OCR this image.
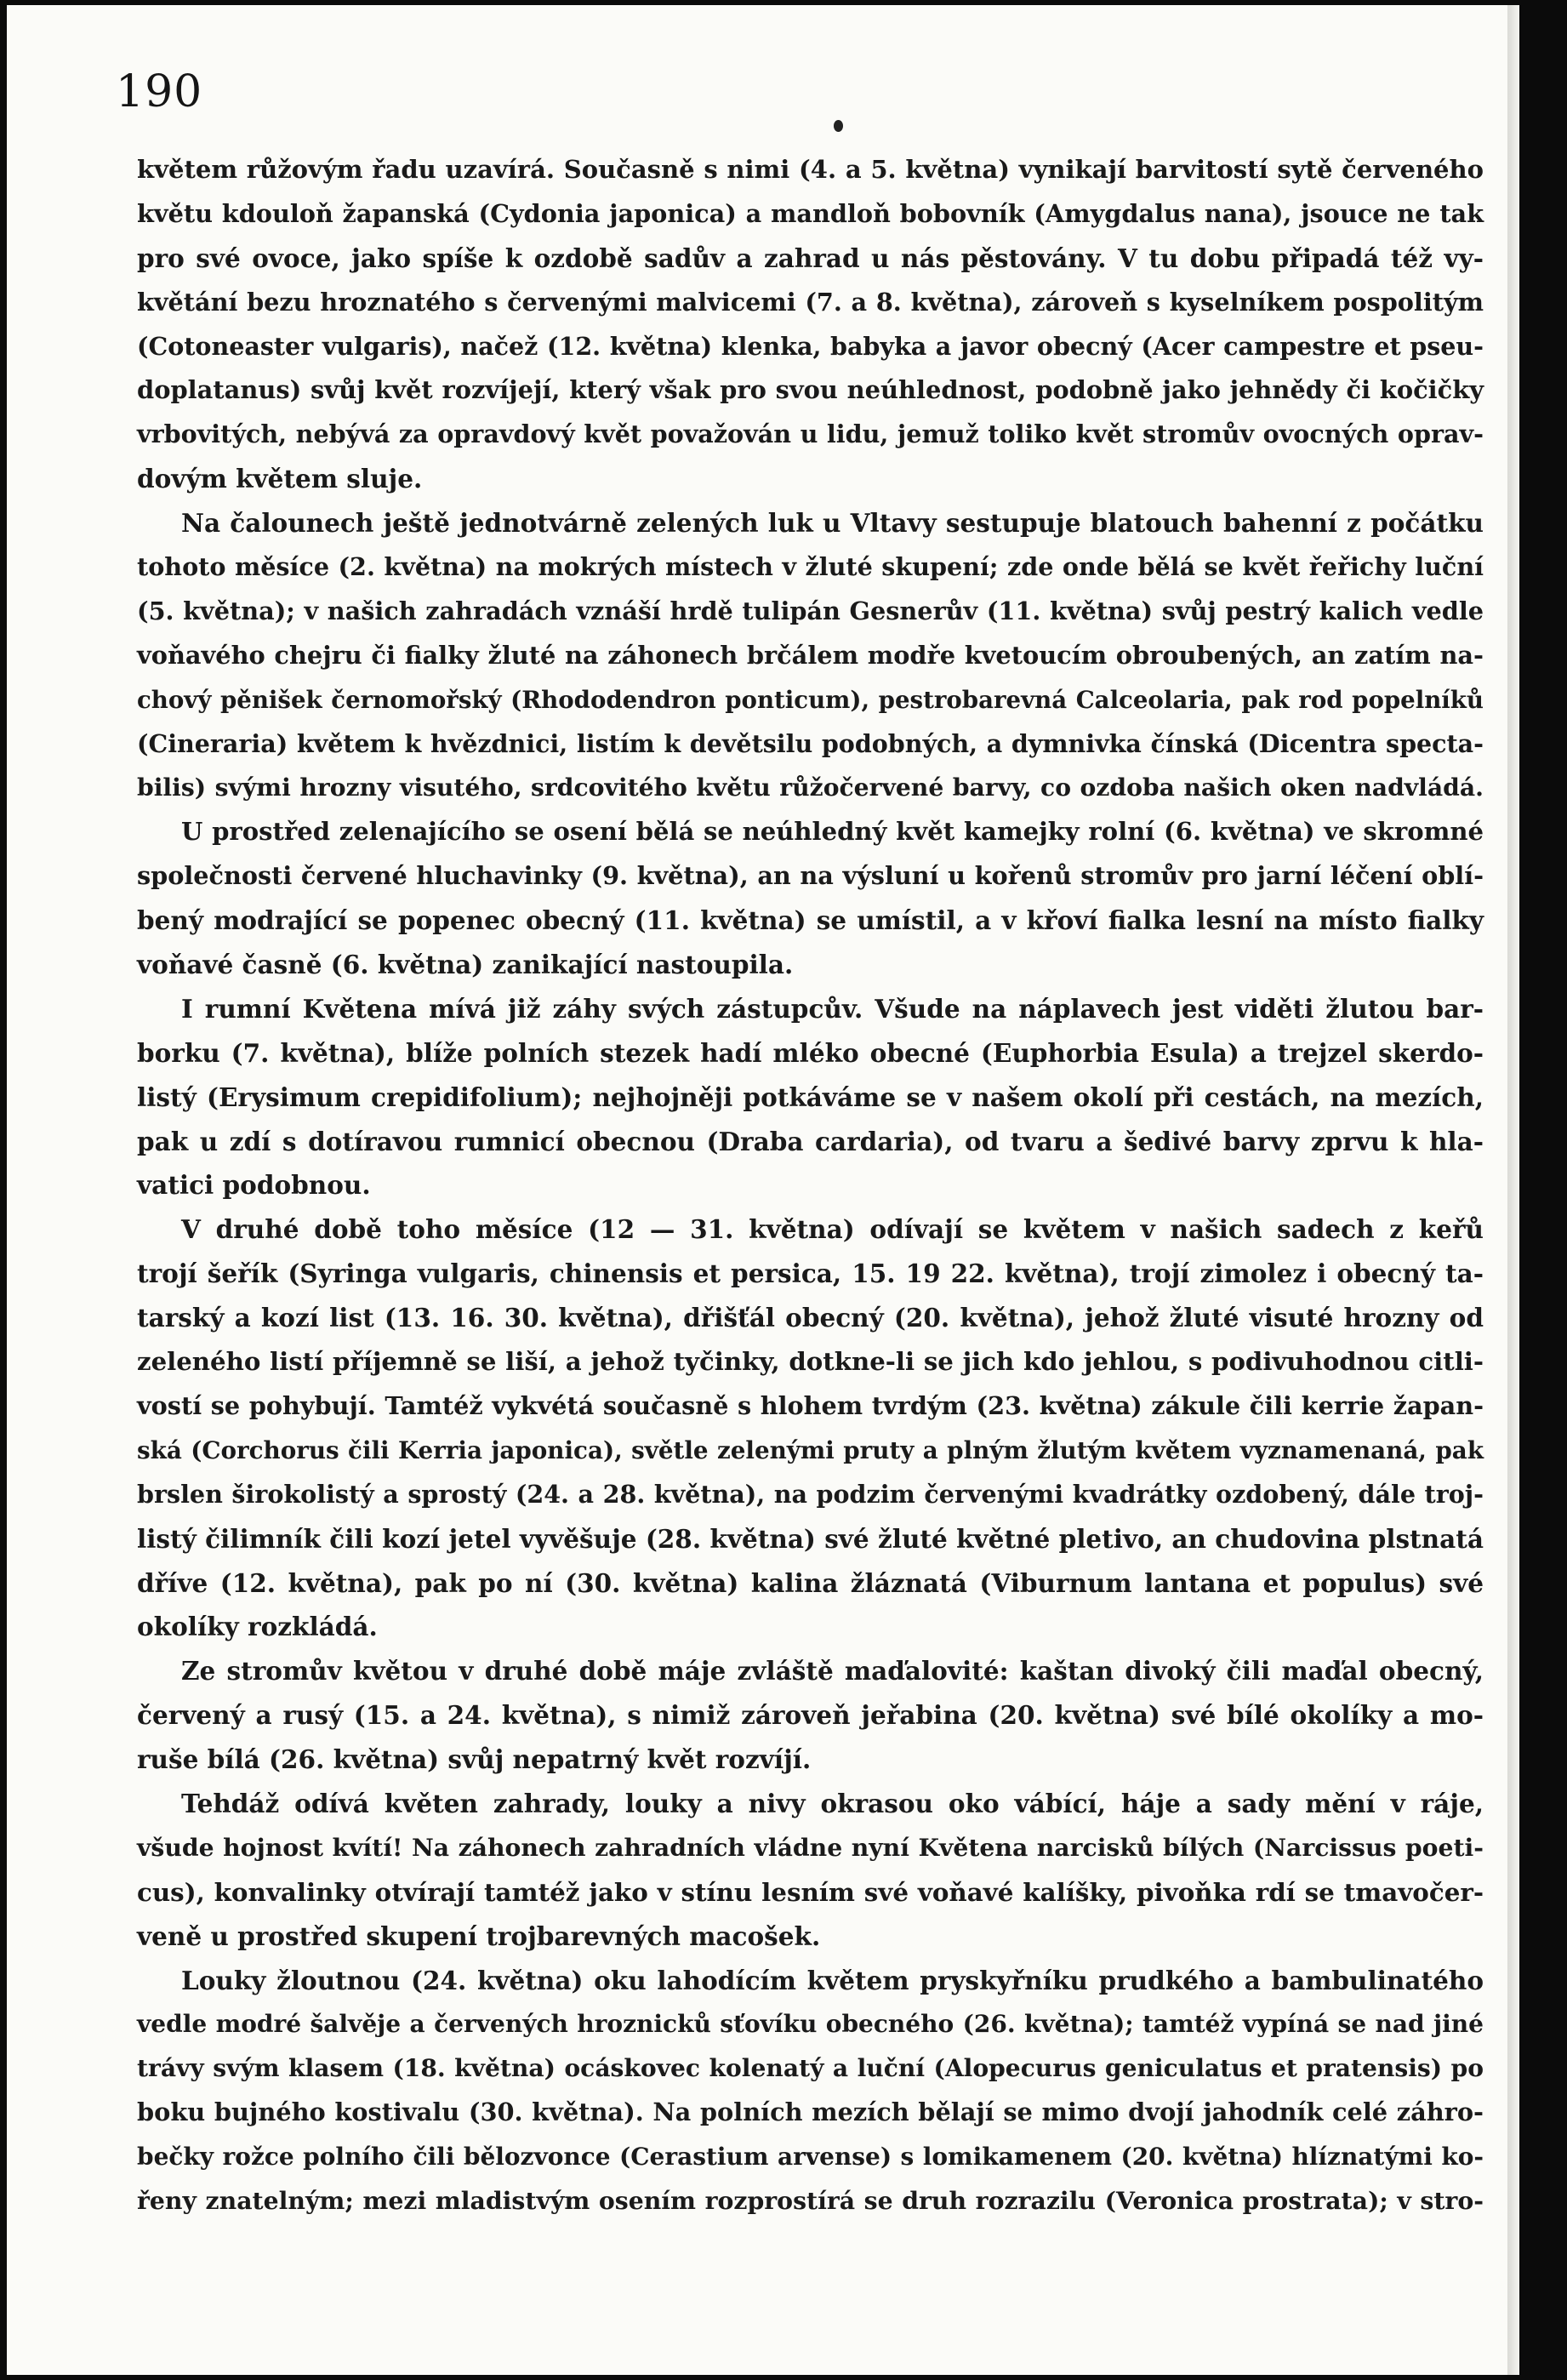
190
květem růžovým řadu uzavírá. Současně s nimi (4. a 5. května) vynikají barvitostí sytě červeného
květu kdouloň žapanská (Cydonia japonica) a mandloň bobovník (Amygdalus nana), jsouce ne tak
pro své ovoce, jako spíše k ozdobě sadův a zahrad u nás pěstovány. V tu dobu připadá též vy-
květání bezu hroznatého s červenými malvicemi (7. a 8. května), zároveň s kyselníkem pospolitým
(Cotoneaster vulgaris), načež (12. května) klenka, babyka a javor obecný (Acer campestre et pseu-
doplatanus) svůj květ rozvíjejí, který však pro svou neúhlednost, podobně jako jehnědy či kočičky
vrbovitých, nebývá za opravdový květ považován u lidu, jemuž toliko květ stromův ovocných oprav-
dovým květem sluje.
Na čalounech ještě jednotvárně zelených luk u Vltavy sestupuje blatouch bahenní z počátku
tohoto měsíce (2. května) na mokrých místech v žluté skupení; zde onde bělá se květ řeřichy luční
(5. května); v našich zahradách vznáší hrdě tulipán Gesnerův (11. května) svůj pestrý kalich vedle
voňavého chejru či fialky žluté na záhonech brčálem modře kvetoucím obroubených, an zatím na-
chový pěnišek černomořský (Rhododendron ponticum), pestrobarevná Calceolaria, pak rod popelníků
(Cineraria) květem k hvězdnici, listím k devětsilu podobných, a dymnivka čínská (Dicentra specta-
bilis) svými hrozny visutého, srdcovitého květu růžočervené barvy, co ozdoba našich oken nadvládá.
U prostřed zelenajícího se osení bělá se neúhledný květ kamejky rolní (6. května) ve skromné
společnosti červené hluchavinky (9. května), an na výsluní u kořenů stromův pro jarní léčení oblí-
bený modrající se popenec obecný (11. května) se umístil, a v křoví fialka lesní na místo fialky
voňavé časně (6. května) zanikající nastoupila.
I rumní Květena mívá již záhy svých zástupcův. Všude na náplavech jest viděti žlutou bar-
borku (7. května), blíže polních stezek hadí mléko obecné (Euphorbia Esula) a trejzel skerdo-
listý (Erysimum crepidifolium); nejhojněji potkáváme se v našem okolí při cestách, na mezích,
pak u zdí s dotíravou rumnicí obecnou (Draba cardaria), od tvaru a šedivé barvy zprvu k hla-
vatici podobnou.
V druhé době toho měsíce (12 — 31. května) odívají se květem v našich sadech z keřů
trojí šeřík (Syringa vulgaris, chinensis et persica, 15. 19 22. května), trojí zimolez i obecný ta-
tarský a kozí list (13. 16. 30. května), dřišťál obecný (20. května), jehož žluté visuté hrozny od
zeleného listí příjemně se liší, a jehož tyčinky, dotkne-li se jich kdo jehlou, s podivuhodnou citli-
vostí se pohybují. Tamtéž vykvétá současně s hlohem tvrdým (23. května) zákule čili kerrie žapan-
ská (Corchorus čili Kerria japonica), světle zelenými pruty a plným žlutým květem vyznamenaná, pak
brslen širokolistý a sprostý (24. a 28. května), na podzim červenými kvadrátky ozdobený, dále troj-
listý čilimník čili kozí jetel vyvěšuje (28. května) své žluté květné pletivo, an chudovina plstnatá
dříve (12. května), pak po ní (30. května) kalina žláznatá (Viburnum lantana et populus) své
okolíky rozkládá.
Ze stromův květou v druhé době máje zvláště maďalovité: kaštan divoký čili maďal obecný,
červený a rusý (15. a 24. května), s nimiž zároveň jeřabina (20. května) své bílé okolíky a mo-
ruše bílá (26. května) svůj nepatrný květ rozvíjí.
Tehdáž odívá květen zahrady, louky a nivy okrasou oko vábící, háje a sady mění v ráje,
všude hojnost kvítí! Na záhonech zahradních vládne nyní Květena narcisků bílých (Narcissus poeti-
cus), konvalinky otvírají tamtéž jako v stínu lesním své voňavé kalíšky, pivoňka rdí se tmavočer-
veně u prostřed skupení trojbarevných macošek.
Louky žloutnou (24. května) oku lahodícím květem pryskyřníku prudkého a bambulinatého
vedle modré šalvěje a červených hroznicků sťovíku obecného (26. května); tamtéž vypíná se nad jiné
trávy svým klasem (18. května) ocáskovec kolenatý a luční (Alopecurus geniculatus et pratensis) po
boku bujného kostivalu (30. května). Na polních mezích bělají se mimo dvojí jahodník celé záhro-
bečky rožce polního čili bělozvonce (Cerastium arvense) s lomikamenem (20. května) hlíznatými ko-
řeny znatelným; mezi mladistvým osením rozprostírá se druh rozrazilu (Veronica prostrata); v stro-
